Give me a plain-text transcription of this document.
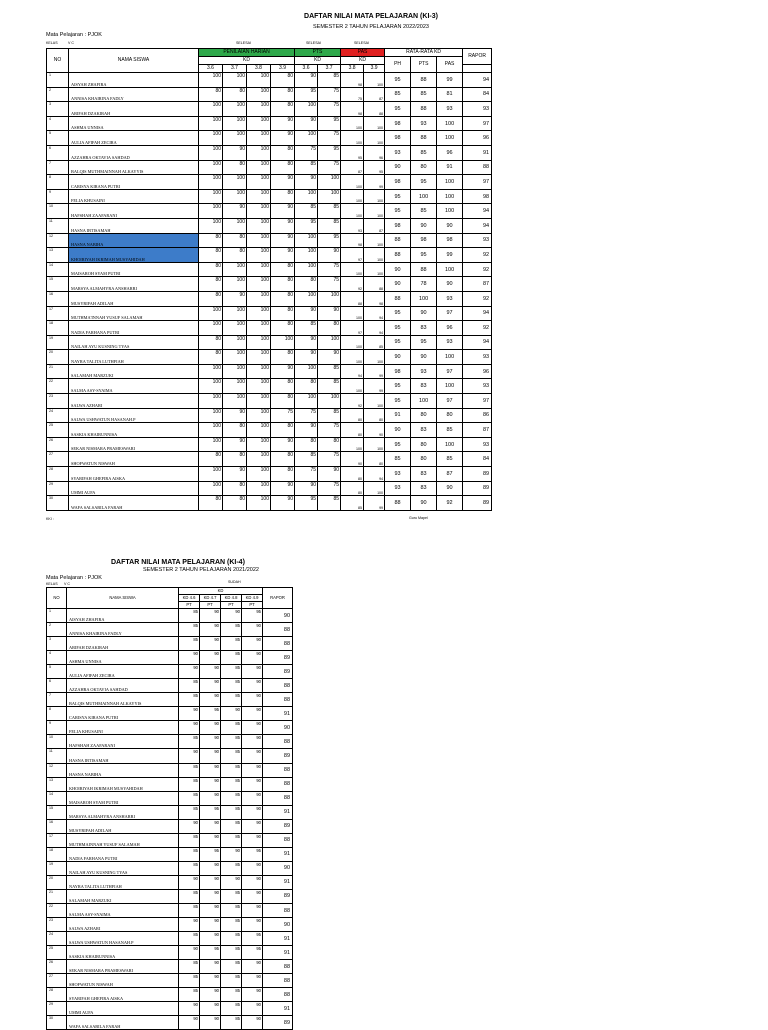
DAFTAR NILAI MATA PELAJARAN (KI-3)
SEMESTER 2 TAHUN PELAJARAN 2022/2023
Mata Pelajaran : PJOK
KELAS	V C	SELESAI	SELESAI	SELESAI
NO	NAMA SISWA	PENILAIAN HARIAN				PTS		PAS		RATA-RATA KD			RAPOR
		KD				KD		KD		PH	PTS	PAS	
		3.6	3.7	3.8	3.9	3.6	3.7	3.8	3.9				
1	AISYAH ZHAFIRA	100	100	100	80	90	85	98	100	95	88	99	94
2	ANNISA KHAIRINA FADLY	80	80	100	80	95	75	75	87	85	85	81	84
3	ARIFAH DZAKIRAH	100	100	100	80	100	75	98	88	95	88	93	93
4	ASHMA UNNISA	100	100	100	90	90	95	100	100	98	93	100	97
5	AULIA AFIFAH ZECIRA	100	100	100	90	100	75	100	100	98	88	100	96
6	AZZAHRA OKTAVIA SAHDAD	100	90	100	80	75	95	95	96	93	85	96	91
7	BALQIS MUTHMAINNAH ALKAYYIS	100	80	100	80	85	75	87	95	90	80	91	88
8	CARISYA KIRANA PUTRI	100	100	100	90	90	100	100	99	98	95	100	97
9	FELIA KHUSAINI	100	100	100	80	100	100	100	100	95	100	100	98
10	HAFSHAH ZAAFARANI	100	90	100	90	85	85	100	100	95	85	100	94
11	HASNA IBTISAMAH	100	100	100	90	95	85	93	87	98	90	90	94
12	HASNA NABIHA	80	80	100	90	100	95	98	100	88	98	98	93
13	KHOIRIYAH IKRIMAH MUSYAHIDAH	80	80	100	90	100	90	97	100	88	95	99	92
14	MAISAROH SYAM PUTRI	80	100	100	80	100	75	100	100	90	88	100	92
15	MARSYA ALMAHYRA ANSHARRI	80	100	100	80	80	75	92	88	90	78	90	87
16	MUSYRIFAH ADILAH	80	90	100	80	100	100	88	98	88	100	93	92
17	MUTHMA'INNAH YUSUF SALAMAH	100	100	100	80	90	90	100	94	95	90	97	94
18	NADIA FARHANA PUTRI	100	100	100	80	85	80	97	94	95	83	96	92
19	NAILAH AYU KUSNING TYAS	80	100	100	100	90	100	100	85	95	95	93	94
20	NAYRA TALITA LUTHFIAH	80	100	100	80	90	90	100	100	90	90	100	93
21	SALAMAH MARZUKI	100	100	100	90	100	85	94	99	98	93	97	96
22	SALMA ASY-SYAIMA	100	100	100	80	80	85	100	99	95	83	100	93
23	SALWA AZHARI	100	100	100	80	100	100	92	100	95	100	97	97
24	SALWA USHWATUN HASANAH.P	100	90	100	75	75	85	80	80	91	80	80	86
25	SASKIA KHAIRUNNISA	100	80	100	80	90	75	80	90	90	83	85	87
26	SEKAR NISMARA PRAMESWARI	100	90	100	90	80	80	100	100	95	80	100	93
27	SHOFWATUN NISWAH	80	80	100	80	85	75	90	80	85	80	85	84
28	SYARIFAH GHEFIRA AISKA	100	90	100	80	75	90	80	94	93	83	87	89
29	UMMI AUFA	100	80	100	90	90	75	80	100	93	83	90	89
30	WAFA SALSABILA FARAH	80	80	100	90	95	85	85	99	88	90	92	89
KKI :	Guru Mapel
DAFTAR NILAI MATA PELAJARAN (KI-4)
SEMESTER 2 TAHUN PELAJARAN 2021/2022
Mata Pelajaran : PJOK
KELAS V C	SUDAH
NO	NAMA SISWA	KD				RAPOR
		KD 4.6	KD 4.7	KD 4.8	KD 4.9	
		PT	PT	PT	PT	
1	AISYAH ZHAFIRA	85	90	90	95	90
2	ANNISA KHAIRINA FADLY	85	90	85	90	88
3	ARIFAH DZAKIRAH	85	90	85	90	88
4	ASHMA UNNISA	90	90	85	90	89
5	AULIA AFIFAH ZECIRA	90	90	85	90	89
6	AZZAHRA OKTAVIA SAHDAD	85	90	85	90	88
7	BALQIS MUTHMAINNAH ALKAYYIS	85	90	85	90	88
8	CARISYA KIRANA PUTRI	90	95	90	90	91
9	FELIA KHUSAINI	90	90	85	90	90
10	HAFSHAH ZAAFARANI	85	90	85	90	88
11	HASNA IBTISAMAH	90	90	85	90	89
12	HASNA NABIHA	85	90	85	90	88
13	KHOIRIYAH IKRIMAH MUSYAHIDAH	85	90	85	90	88
14	MAISAROH SYAM PUTRI	85	90	85	90	88
15	MARSYA ALMAHYRA ANSHARRI	85	95	85	90	91
16	MUSYRIFAH ADILAH	90	90	85	90	89
17	MUTHMAINNAH YUSUF SALAMAH	85	90	85	90	88
18	NADIA FARHANA PUTRI	85	95	90	95	91
19	NAILAH AYU KUSNING TYAS	85	90	85	90	90
20	NAYRA TALITA LUTHFIAH	90	90	90	90	91
21	SALAMAH MARZUKI	85	90	85	90	89
22	SALMA ASY-SYAIMA	85	90	85	90	88
23	SALWA AZHARI	90	90	85	90	90
24	SALWA USHWATUN HASANAH.P	85	90	85	95	91
25	SASKIA KHAIRUNNISA	90	95	85	95	91
26	SEKAR NISMARA PRAMESWARI	85	90	85	90	88
27	SHOFWATUN NISWAH	85	90	85	90	88
28	SYARIFAH GHEFIRA AISKA	85	90	85	90	88
29	UMMI AUFA	90	90	85	90	91
30	WAFA SALSABILA FARAH	90	90	85	90	89
